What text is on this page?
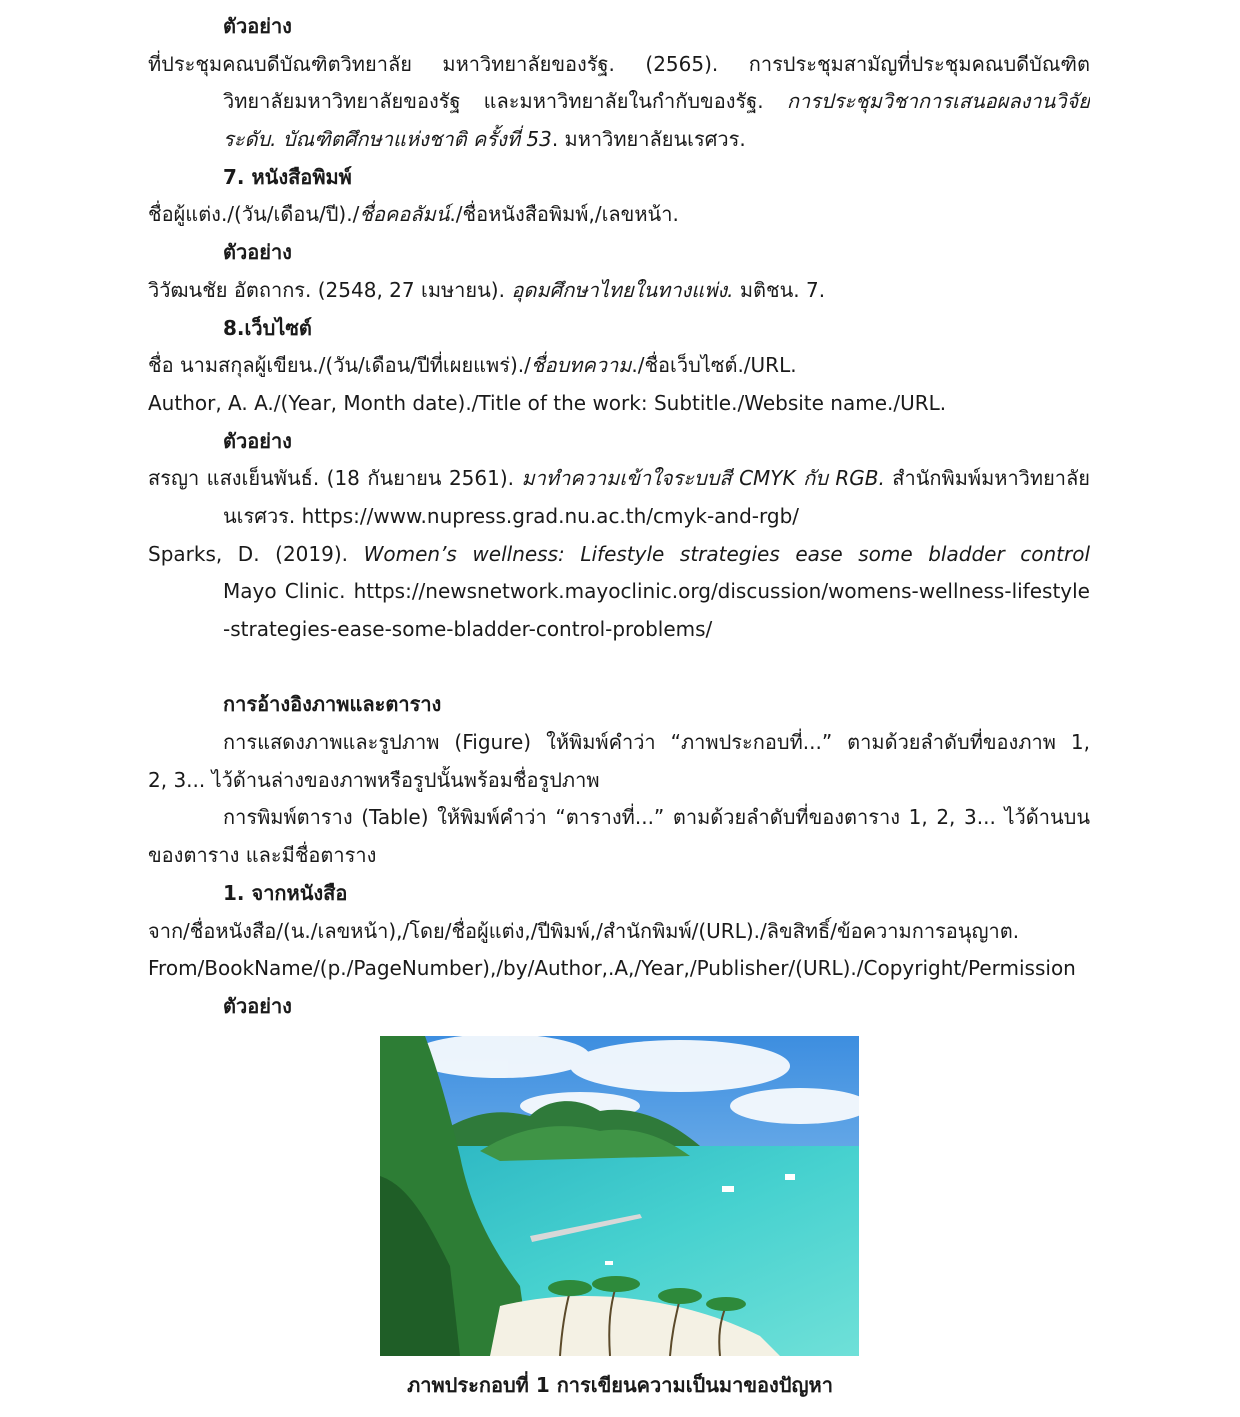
ตัวอย่าง
ที่ประชุมคณบดีบัณฑิตวิทยาลัย มหาวิทยาลัยของรัฐ. (2565). การประชุมสามัญที่ประชุมคณบดีบัณฑิต
วิทยาลัยมหาวิทยาลัยของรัฐ และมหาวิทยาลัยในกำกับของรัฐ. การประชุมวิชาการเสนอผลงานวิจัย
ระดับ. บัณฑิตศึกษาแห่งชาติ ครั้งที่ 53. มหาวิทยาลัยนเรศวร.
7. หนังสือพิมพ์
ชื่อผู้แต่ง./(วัน/เดือน/ปี)./ชื่อคอลัมน์./ชื่อหนังสือพิมพ์,/เลขหน้า.
ตัวอย่าง
วิวัฒนชัย อัตถากร. (2548, 27 เมษายน). อุดมศึกษาไทยในทางแพ่ง. มติชน. 7.
8.เว็บไซต์
ชื่อ นามสกุลผู้เขียน./(วัน/เดือน/ปีที่เผยแพร่)./ชื่อบทความ./ชื่อเว็บไซต์./URL.
Author, A. A./(Year, Month date)./Title of the work: Subtitle./Website name./URL.
ตัวอย่าง
สรญา แสงเย็นพันธ์. (18 กันยายน 2561). มาทำความเข้าใจระบบสี CMYK กับ RGB. สำนักพิมพ์มหาวิทยาลัย
นเรศวร. https://www.nupress.grad.nu.ac.th/cmyk-and-rgb/
Sparks, D. (2019). Women’s wellness: Lifestyle strategies ease some bladder control
Mayo Clinic. https://newsnetwork.mayoclinic.org/discussion/womens-wellness-lifestyle
-strategies-ease-some-bladder-control-problems/
การอ้างอิงภาพและตาราง
การแสดงภาพและรูปภาพ (Figure) ให้พิมพ์คำว่า “ภาพประกอบที่...” ตามด้วยลำดับที่ของภาพ 1,
2, 3... ไว้ด้านล่างของภาพหรือรูปนั้นพร้อมชื่อรูปภาพ
การพิมพ์ตาราง (Table) ให้พิมพ์คำว่า “ตารางที่...” ตามด้วยลำดับที่ของตาราง 1, 2, 3... ไว้ด้านบน
ของตาราง และมีชื่อตาราง
1. จากหนังสือ
จาก/ชื่อหนังสือ/(น./เลขหน้า),/โดย/ชื่อผู้แต่ง,/ปีพิมพ์,/สำนักพิมพ์/(URL)./ลิขสิทธิ์/ข้อความการอนุญาต.
From/BookName/(p./PageNumber),/by/Author,.A,/Year,/Publisher/(URL)./Copyright/Permission
ตัวอย่าง
ภาพประกอบที่ 1 การเขียนความเป็นมาของปัญหา
